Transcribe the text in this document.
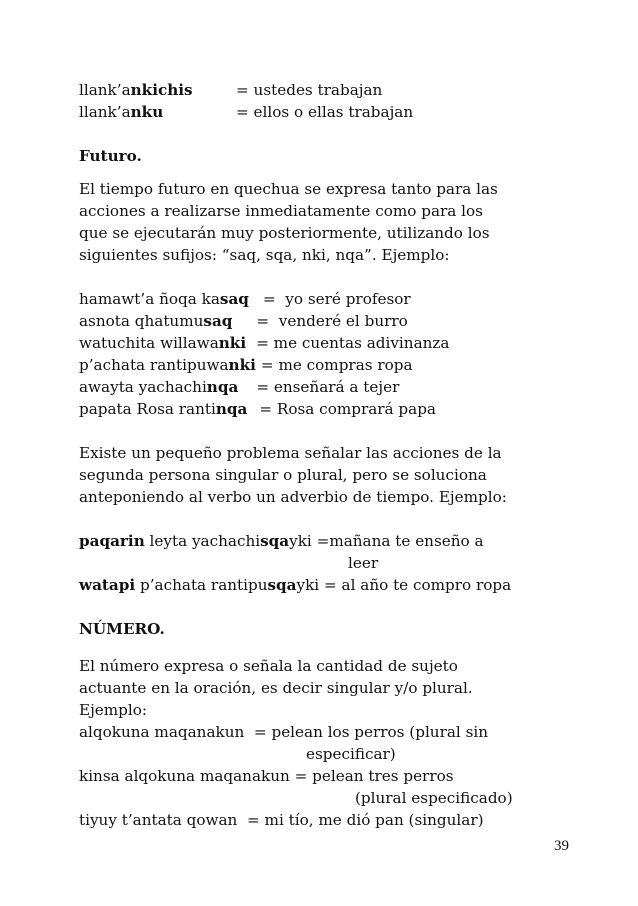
llank’ankichis	= ustedes trabajan
llank’anku	= ellos o ellas trabajan
Futuro.
El tiempo futuro en quechua se expresa tanto para las
acciones a realizarse inmediatamente como para los
que se ejecutarán muy posteriormente, utilizando los
siguientes sufijos: “saq, sqa, nki, nqa”. Ejemplo:
hamawt’a ñoqa kasaq =  yo seré profesor
asnota qhatumusaq =  venderé el burro
watuchita willawanki = me cuentas adivinanza
p’achata rantipuwanki = me compras ropa
awayta yachachinqa = enseñará a tejer
papata Rosa rantinqa = Rosa comprará papa
Existe un pequeño problema señalar las acciones de la
segunda persona singular o plural, pero se soluciona
anteponiendo al verbo un adverbio de tiempo. Ejemplo:
paqarin leyta yachachisqayki =mañana te enseño a
leer
watapi p’achata rantipusqayki = al año te compro ropa
NÚMERO.
El número expresa o señala la cantidad de sujeto
actuante en la oración, es decir singular y/o plural.
Ejemplo:
alqokuna maqanakun  = pelean los perros (plural sin
especificar)
kinsa alqokuna maqanakun = pelean tres perros
(plural especificado)
tiyuy t’antata qowan  = mi tío, me dió pan (singular)
39
